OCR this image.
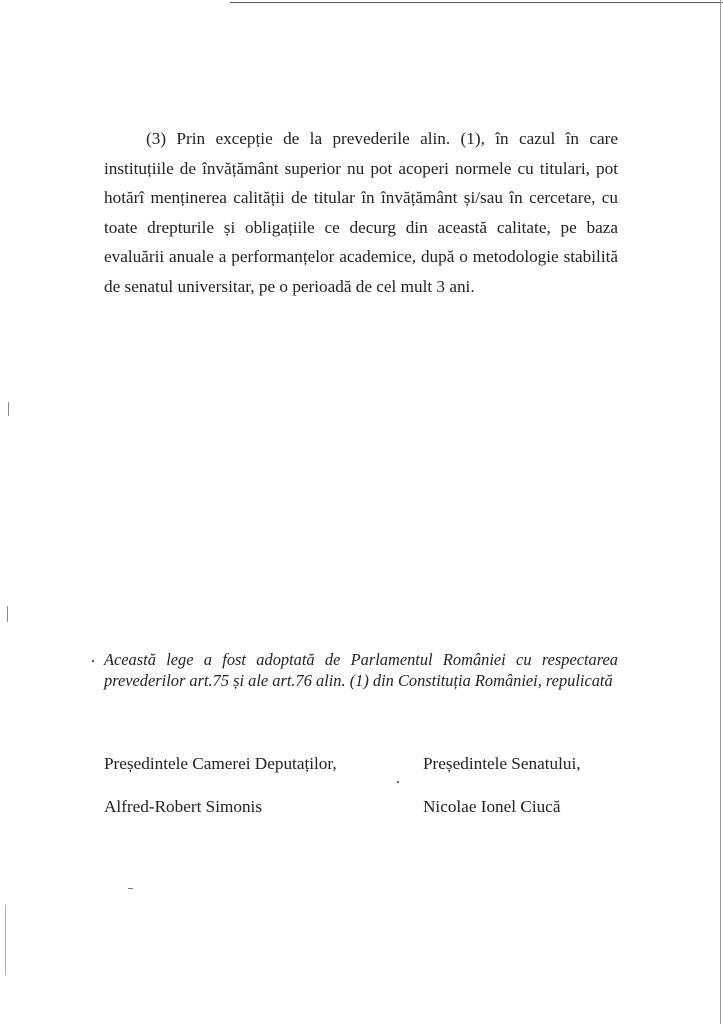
(3) Prin excepție de la prevederile alin. (1), în cazul în care instituțiile de învățământ superior nu pot acoperi normele cu titulari, pot hotărî menținerea calității de titular în învățământ și/sau în cercetare, cu toate drepturile și obligațiile ce decurg din această calitate, pe baza evaluării anuale a performanțelor academice, după o metodologie stabilită de senatul universitar, pe o perioadă de cel mult 3 ani.

Această lege a fost adoptată de Parlamentul României cu respectarea prevederilor art.75 și ale art.76 alin. (1) din Constituția României, repulicată

Președintele Camerei Deputaților,
Alfred-Robert Simonis
Președintele Senatului,
Nicolae Ionel Ciucă
